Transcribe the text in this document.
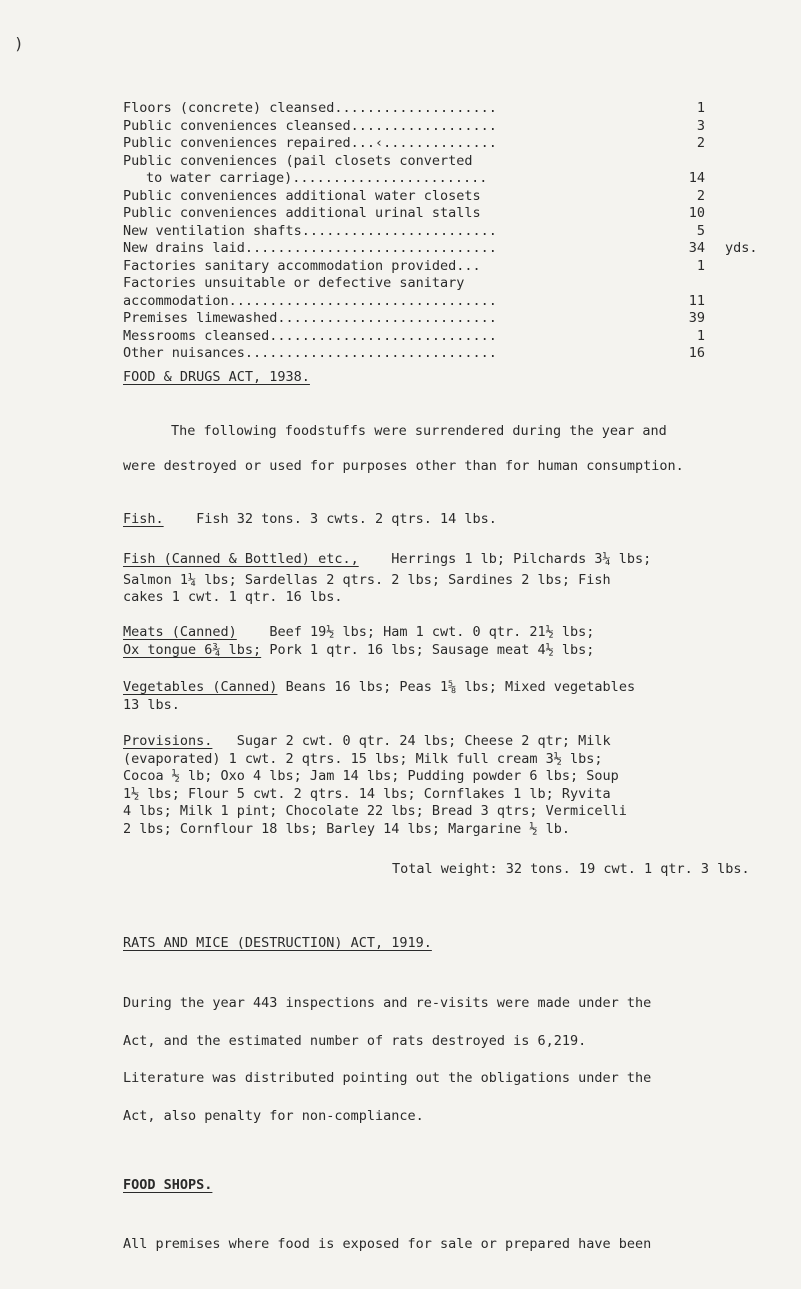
)
Floors (concrete) cleansed....................	1
Public conveniences cleansed..................	3
Public conveniences repaired...‹..............	2
Public conveniences (pail closets converted
to water carriage)........................	14
Public conveniences additional water closets	2
Public conveniences additional urinal stalls	10
New ventilation shafts........................	5
New drains laid...............................	34 yds.
Factories sanitary accommodation provided...	1
Factories unsuitable or defective sanitary
accommodation.................................	11
Premises limewashed...........................	39
Messrooms cleansed............................	1
Other nuisances...............................	16
FOOD & DRUGS ACT, 1938.

The following foodstuffs were surrendered during the year and

were destroyed or used for purposes other than for human consumption.

Fish. Fish 32 tons. 3 cwts. 2 qtrs. 14 lbs.

Fish (Canned & Bottled) etc., Herrings 1 lb; Pilchards 3¼ lbs;

Salmon 1¼ lbs; Sardellas 2 qtrs. 2 lbs; Sardines 2 lbs; Fish

cakes 1 cwt. 1 qtr. 16 lbs.

Meats (Canned) Beef 19½ lbs; Ham 1 cwt. 0 qtr. 21½ lbs;

Ox tongue 6¾ lbs; Pork 1 qtr. 16 lbs; Sausage meat 4½ lbs;

Vegetables (Canned) Beans 16 lbs; Peas 1⅝ lbs; Mixed vegetables

13 lbs.

Provisions. Sugar 2 cwt. 0 qtr. 24 lbs; Cheese 2 qtr; Milk

(evaporated) 1 cwt. 2 qtrs. 15 lbs; Milk full cream 3½ lbs;

Cocoa ½ lb; Oxo 4 lbs; Jam 14 lbs; Pudding powder 6 lbs; Soup

1½ lbs; Flour 5 cwt. 2 qtrs. 14 lbs; Cornflakes 1 lb; Ryvita

4 lbs; Milk 1 pint; Chocolate 22 lbs; Bread 3 qtrs; Vermicelli

2 lbs; Cornflour 18 lbs; Barley 14 lbs; Margarine ½ lb.

Total weight: 32 tons. 19 cwt. 1 qtr. 3 lbs.
RATS AND MICE (DESTRUCTION) ACT, 1919.

During the year 443 inspections and re-visits were made under the

Act, and the estimated number of rats destroyed is 6,219.

Literature was distributed pointing out the obligations under the

Act, also penalty for non-compliance.

FOOD SHOPS.

All premises where food is exposed for sale or prepared have been
